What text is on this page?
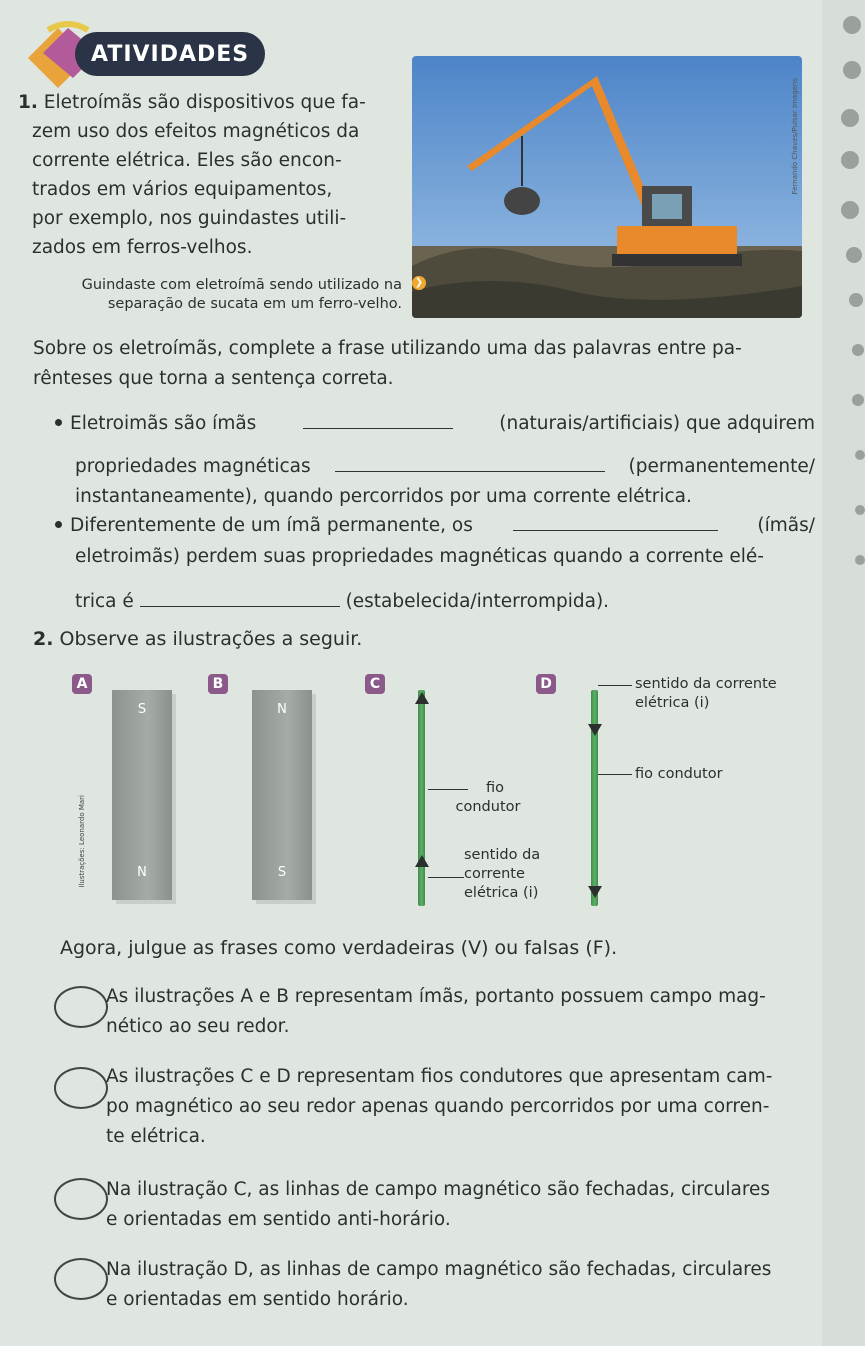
ATIVIDADES
1. Eletroímãs são dispositivos que fa-
zem uso dos efeitos magnéticos da
corrente elétrica. Eles são encon-
trados em vários equipamentos,
por exemplo, nos guindastes utili-
zados em ferros-velhos.
Fernando Chaves/Pulsar Imagens
Guindaste com eletroímã sendo utilizado na
separação de sucata em um ferro-velho.
❯
Sobre os eletroímãs, complete a frase utilizando uma das palavras entre pa-
rênteses que torna a sentença correta.
Eletroimãs são ímãs	(naturais/artificiais) que adquirem
propriedades magnéticas	(permanentemente/
instantaneamente), quando percorridos por uma corrente elétrica.
Diferentemente de um ímã permanente, os	(ímãs/
eletroimãs) perdem suas propriedades magnéticas quando a corrente elé-
trica é	(estabelecida/interrompida).
2. Observe as ilustrações a seguir.
A
S
N
Ilustrações: Leonardo Mari
B
N
S
C
fio
condutor
sentido da
corrente
elétrica (i)
D	sentido da corrente
elétrica (i)
fio condutor
Agora, julgue as frases como verdadeiras (V) ou falsas (F).
As ilustrações A e B representam ímãs, portanto possuem campo mag-
nético ao seu redor.
As ilustrações C e D representam fios condutores que apresentam cam-
po magnético ao seu redor apenas quando percorridos por uma corren-
te elétrica.
Na ilustração C, as linhas de campo magnético são fechadas, circulares
e orientadas em sentido anti-horário.
Na ilustração D, as linhas de campo magnético são fechadas, circulares
e orientadas em sentido horário.
